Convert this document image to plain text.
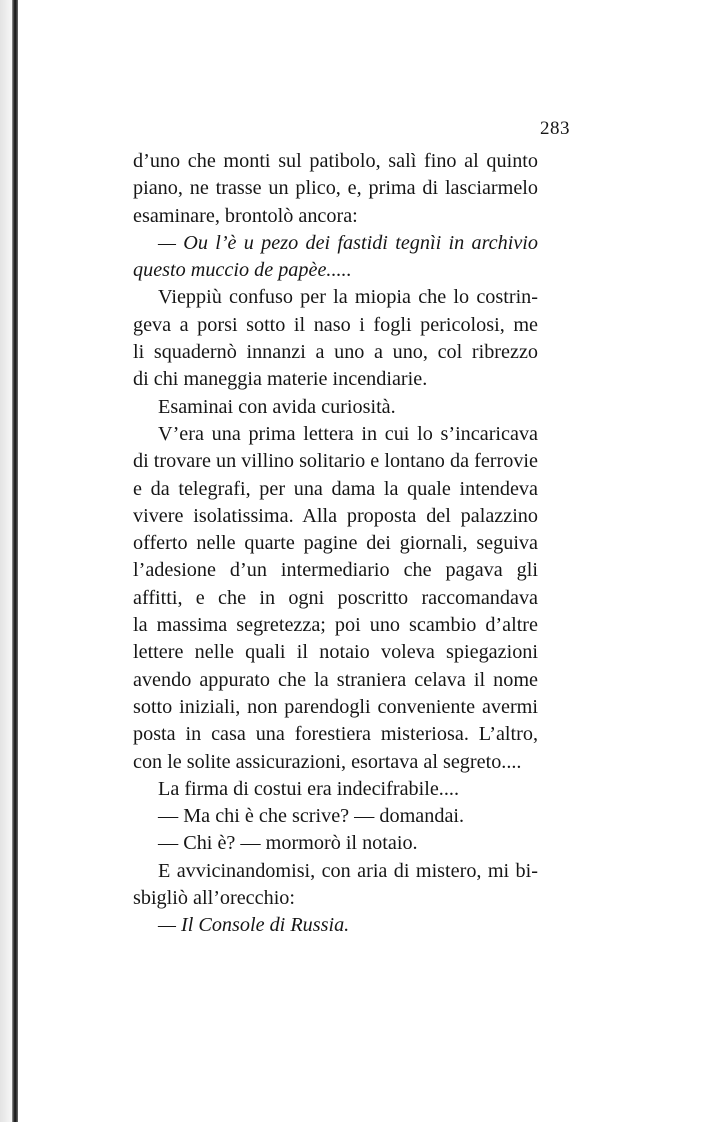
283
d’uno che monti sul patibolo, salì fino al quinto
piano, ne trasse un plico, e, prima di lasciarmelo
esaminare, brontolò ancora:
— Ou l’è u pezo dei fastidi tegnìi in archivio
questo muccio de papèe.....
Vieppiù confuso per la miopia che lo costrin-
geva a porsi sotto il naso i fogli pericolosi, me
li squadernò innanzi a uno a uno, col ribrezzo
di chi maneggia materie incendiarie.
Esaminai con avida curiosità.
V’era una prima lettera in cui lo s’incaricava
di trovare un villino solitario e lontano da ferrovie
e da telegrafi, per una dama la quale intendeva
vivere isolatissima. Alla proposta del palazzino
offerto nelle quarte pagine dei giornali, seguiva
l’adesione d’un intermediario che pagava gli
affitti, e che in ogni poscritto raccomandava
la massima segretezza; poi uno scambio d’altre
lettere nelle quali il notaio voleva spiegazioni
avendo appurato che la straniera celava il nome
sotto iniziali, non parendogli conveniente avermi
posta in casa una forestiera misteriosa. L’altro,
con le solite assicurazioni, esortava al segreto....
La firma di costui era indecifrabile....
— Ma chi è che scrive? — domandai.
— Chi è? — mormorò il notaio.
E avvicinandomisi, con aria di mistero, mi bi-
sbigliò all’orecchio:
— Il Console di Russia.
